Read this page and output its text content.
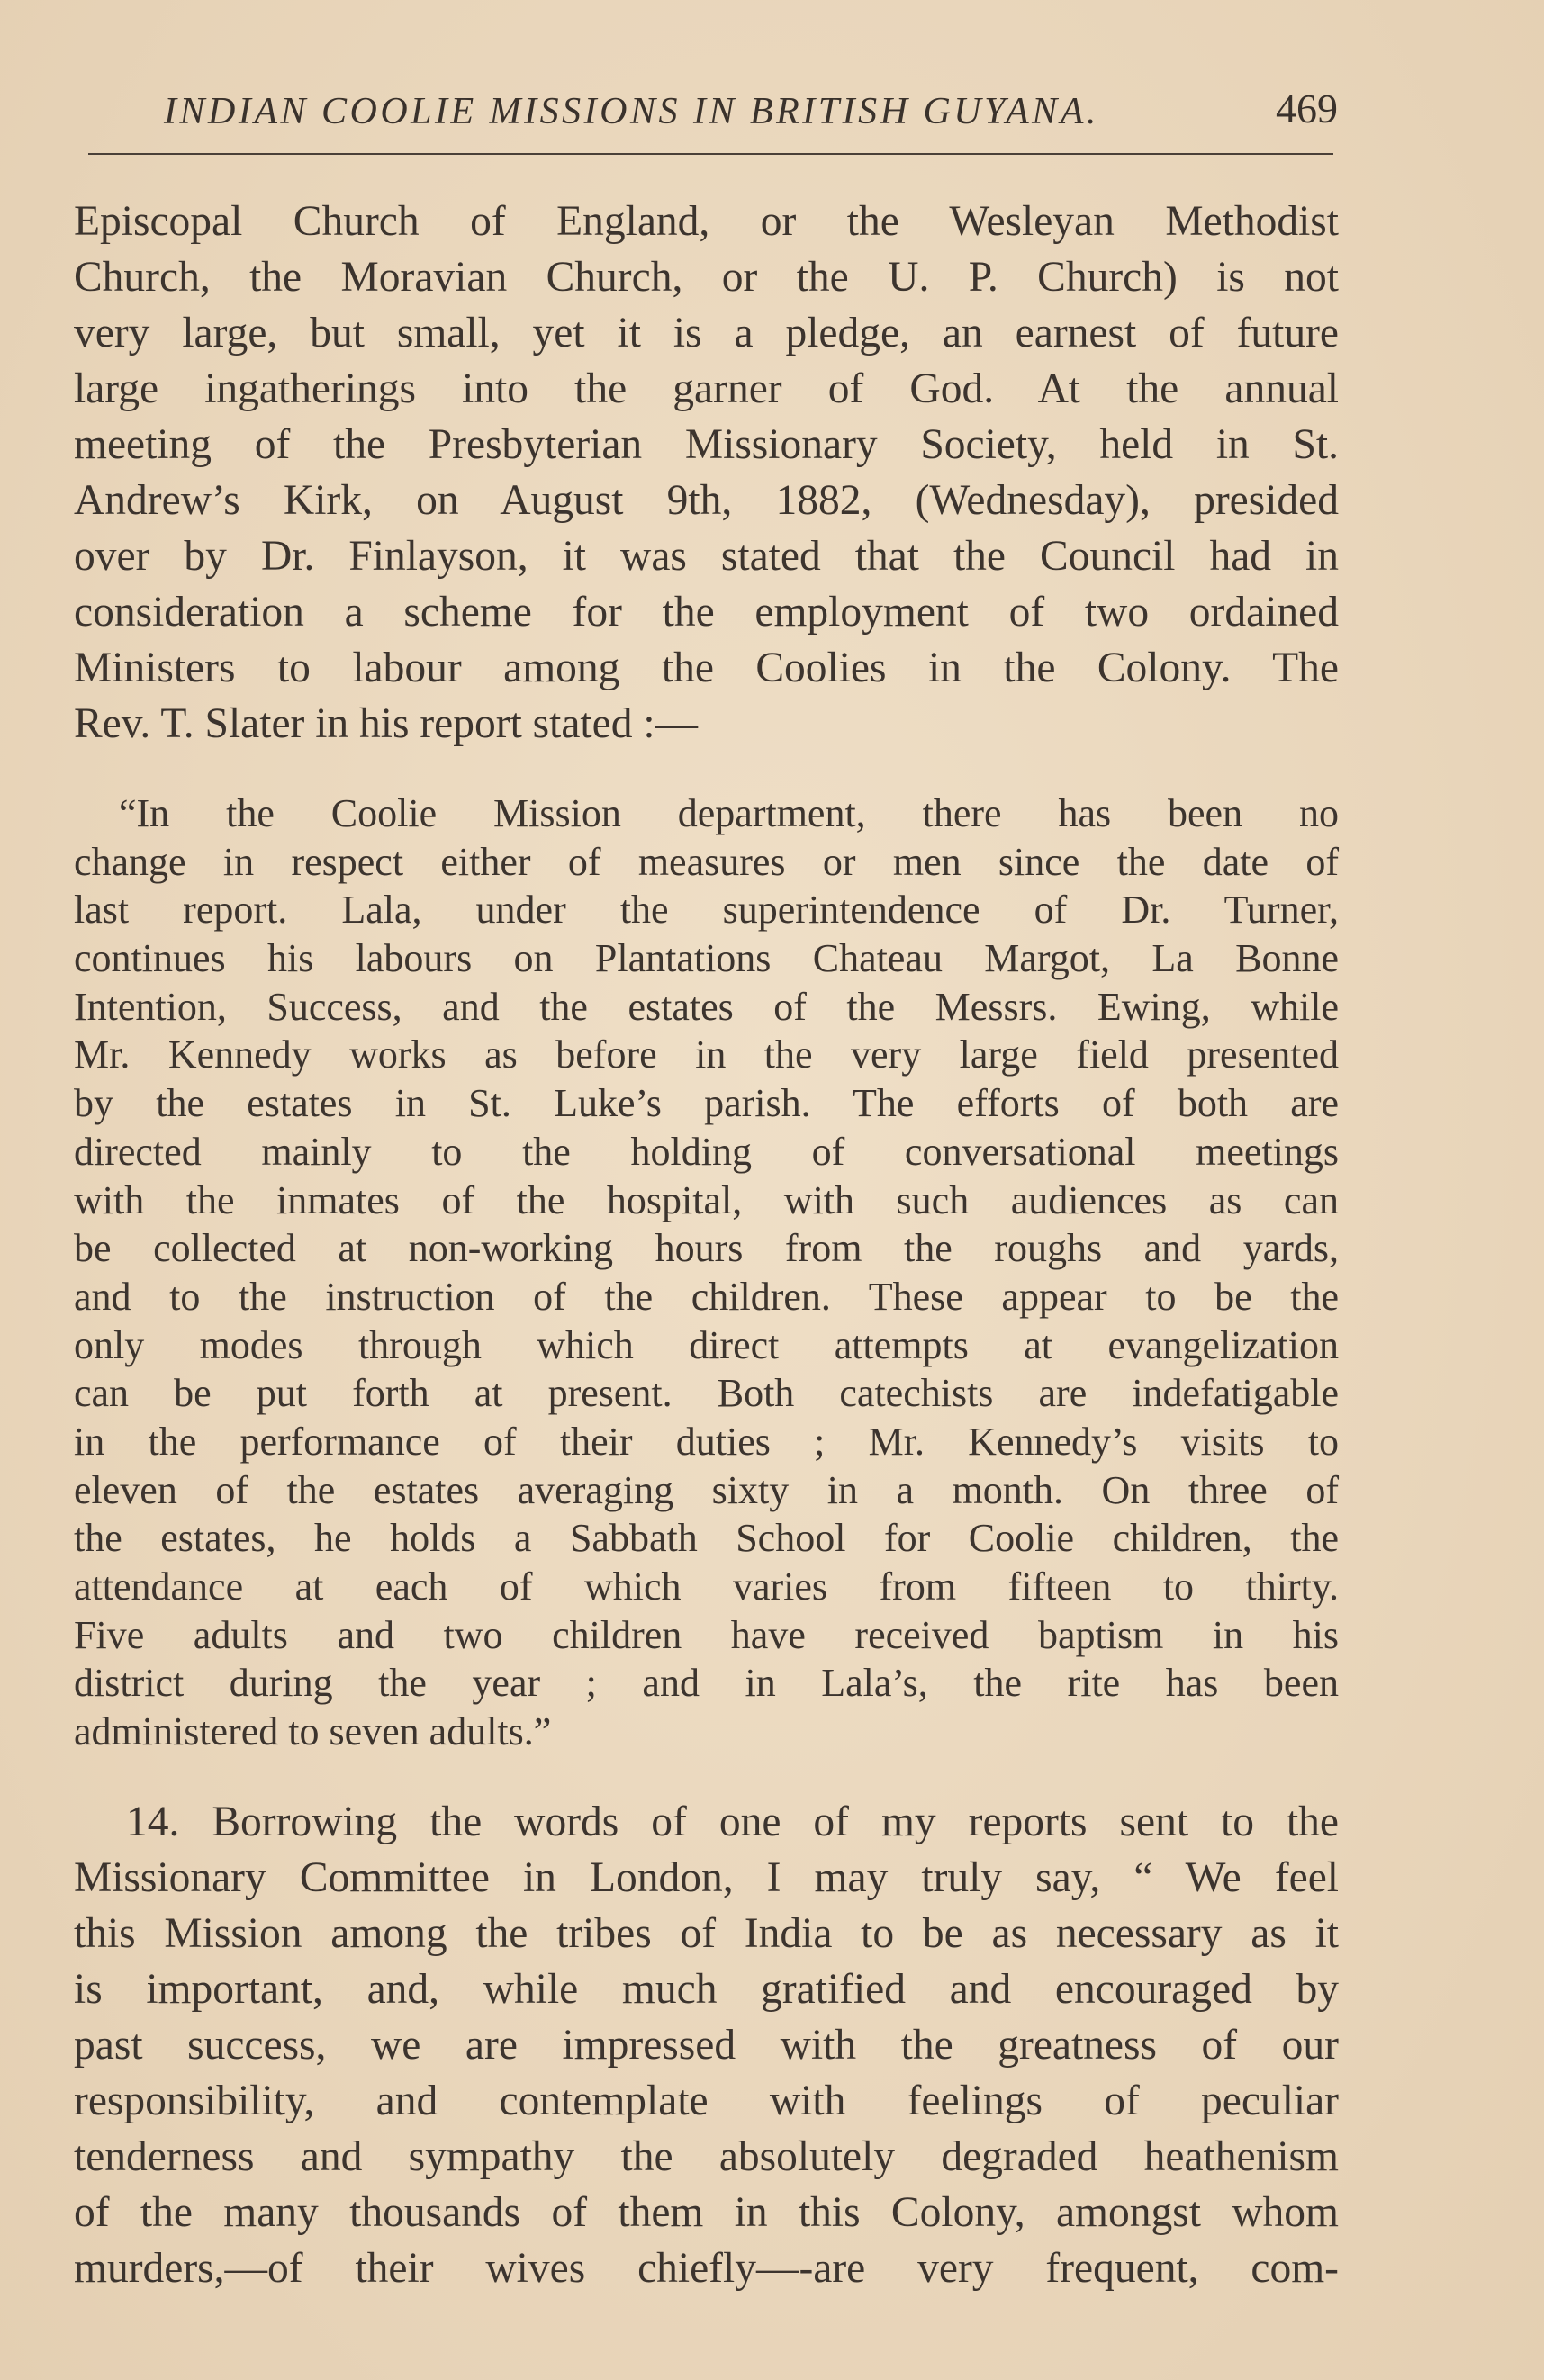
INDIAN COOLIE MISSIONS IN BRITISH GUYANA.	469
Episcopal Church of England, or the Wesleyan Methodist
Church, the Moravian Church, or the U. P. Church) is not
very large, but small, yet it is a pledge, an earnest of future
large ingatherings into the garner of God. At the annual
meeting of the Presbyterian Missionary Society, held in St.
Andrew’s Kirk, on August 9th, 1882, (Wednesday), presided
over by Dr. Finlayson, it was stated that the Council had in
consideration a scheme for the employment of two ordained
Ministers to labour among the Coolies in the Colony. The
Rev. T. Slater in his report stated :—
“In the Coolie Mission department, there has been no
change in respect either of measures or men since the date of
last report. Lala, under the superintendence of Dr. Turner,
continues his labours on Plantations Chateau Margot, La Bonne
Intention, Success, and the estates of the Messrs. Ewing, while
Mr. Kennedy works as before in the very large field presented
by the estates in St. Luke’s parish. The efforts of both are
directed mainly to the holding of conversational meetings
with the inmates of the hospital, with such audiences as can
be collected at non-working hours from the roughs and yards,
and to the instruction of the children. These appear to be the
only modes through which direct attempts at evangelization
can be put forth at present. Both catechists are indefatigable
in the performance of their duties ; Mr. Kennedy’s visits to
eleven of the estates averaging sixty in a month. On three of
the estates, he holds a Sabbath School for Coolie children, the
attendance at each of which varies from fifteen to thirty.
Five adults and two children have received baptism in his
district during the year ; and in Lala’s, the rite has been
administered to seven adults.”
14. Borrowing the words of one of my reports sent to the
Missionary Committee in London, I may truly say, “ We feel
this Mission among the tribes of India to be as necessary as it
is important, and, while much gratified and encouraged by
past success, we are impressed with the greatness of our
responsibility, and contemplate with feelings of peculiar
tenderness and sympathy the absolutely degraded heathenism
of the many thousands of them in this Colony, amongst whom
murders,—of their wives chiefly—-are very frequent, com-
